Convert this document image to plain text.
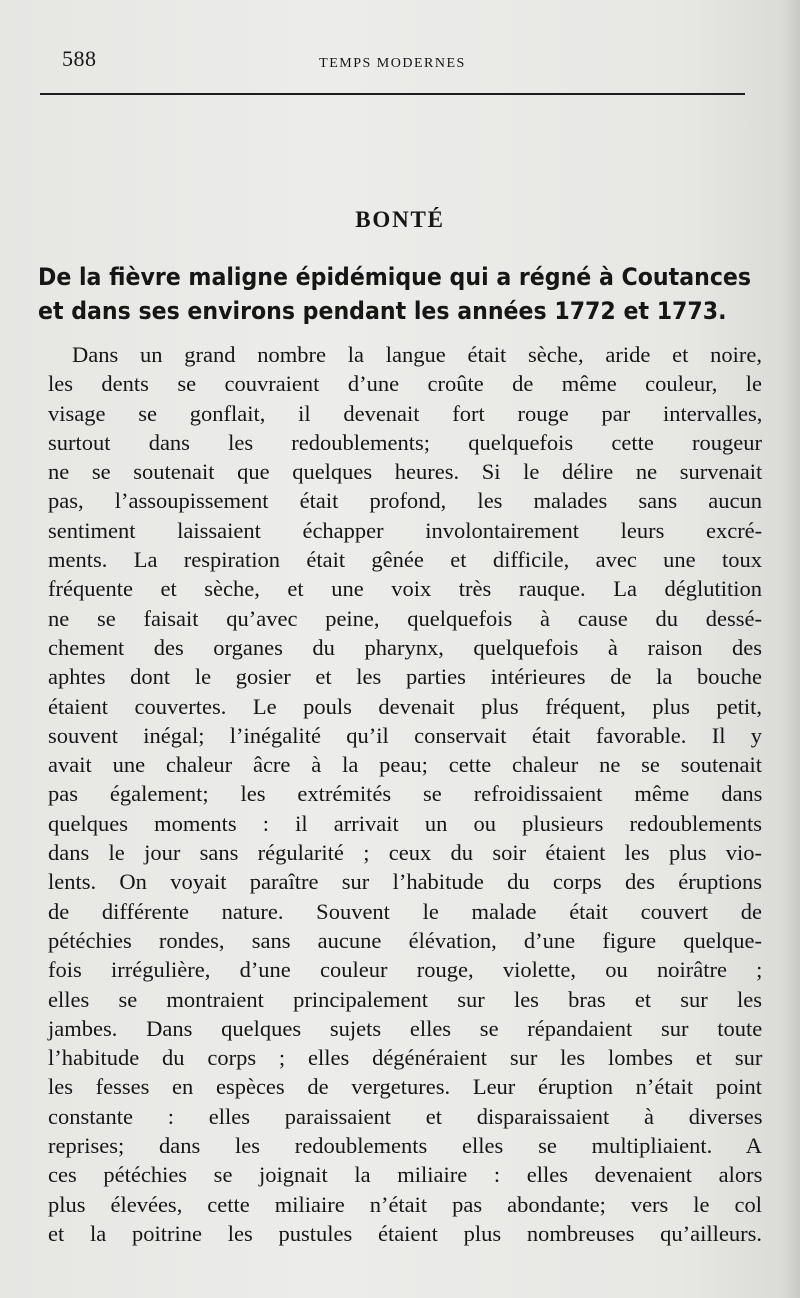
588	TEMPS MODERNES
BONTÉ
De la fièvre maligne épidémique qui a régné à Coutances
et dans ses environs pendant les années 1772 et 1773.
Dans un grand nombre la langue était sèche, aride et noire,
les dents se couvraient d’une croûte de même couleur, le
visage se gonflait, il devenait fort rouge par intervalles,
surtout dans les redoublements; quelquefois cette rougeur
ne se soutenait que quelques heures. Si le délire ne survenait
pas, l’assoupissement était profond, les malades sans aucun
sentiment laissaient échapper involontairement leurs excré-
ments. La respiration était gênée et difficile, avec une toux
fréquente et sèche, et une voix très rauque. La déglutition
ne se faisait qu’avec peine, quelquefois à cause du dessé-
chement des organes du pharynx, quelquefois à raison des
aphtes dont le gosier et les parties intérieures de la bouche
étaient couvertes. Le pouls devenait plus fréquent, plus petit,
souvent inégal; l’inégalité qu’il conservait était favorable. Il y
avait une chaleur âcre à la peau; cette chaleur ne se soutenait
pas également; les extrémités se refroidissaient même dans
quelques moments : il arrivait un ou plusieurs redoublements
dans le jour sans régularité ; ceux du soir étaient les plus vio-
lents. On voyait paraître sur l’habitude du corps des éruptions
de différente nature. Souvent le malade était couvert de
pétéchies rondes, sans aucune élévation, d’une figure quelque-
fois irrégulière, d’une couleur rouge, violette, ou noirâtre ;
elles se montraient principalement sur les bras et sur les
jambes. Dans quelques sujets elles se répandaient sur toute
l’habitude du corps ; elles dégénéraient sur les lombes et sur
les fesses en espèces de vergetures. Leur éruption n’était point
constante : elles paraissaient et disparaissaient à diverses
reprises; dans les redoublements elles se multipliaient. A
ces pétéchies se joignait la miliaire : elles devenaient alors
plus élevées, cette miliaire n’était pas abondante; vers le col
et la poitrine les pustules étaient plus nombreuses qu’ailleurs.
